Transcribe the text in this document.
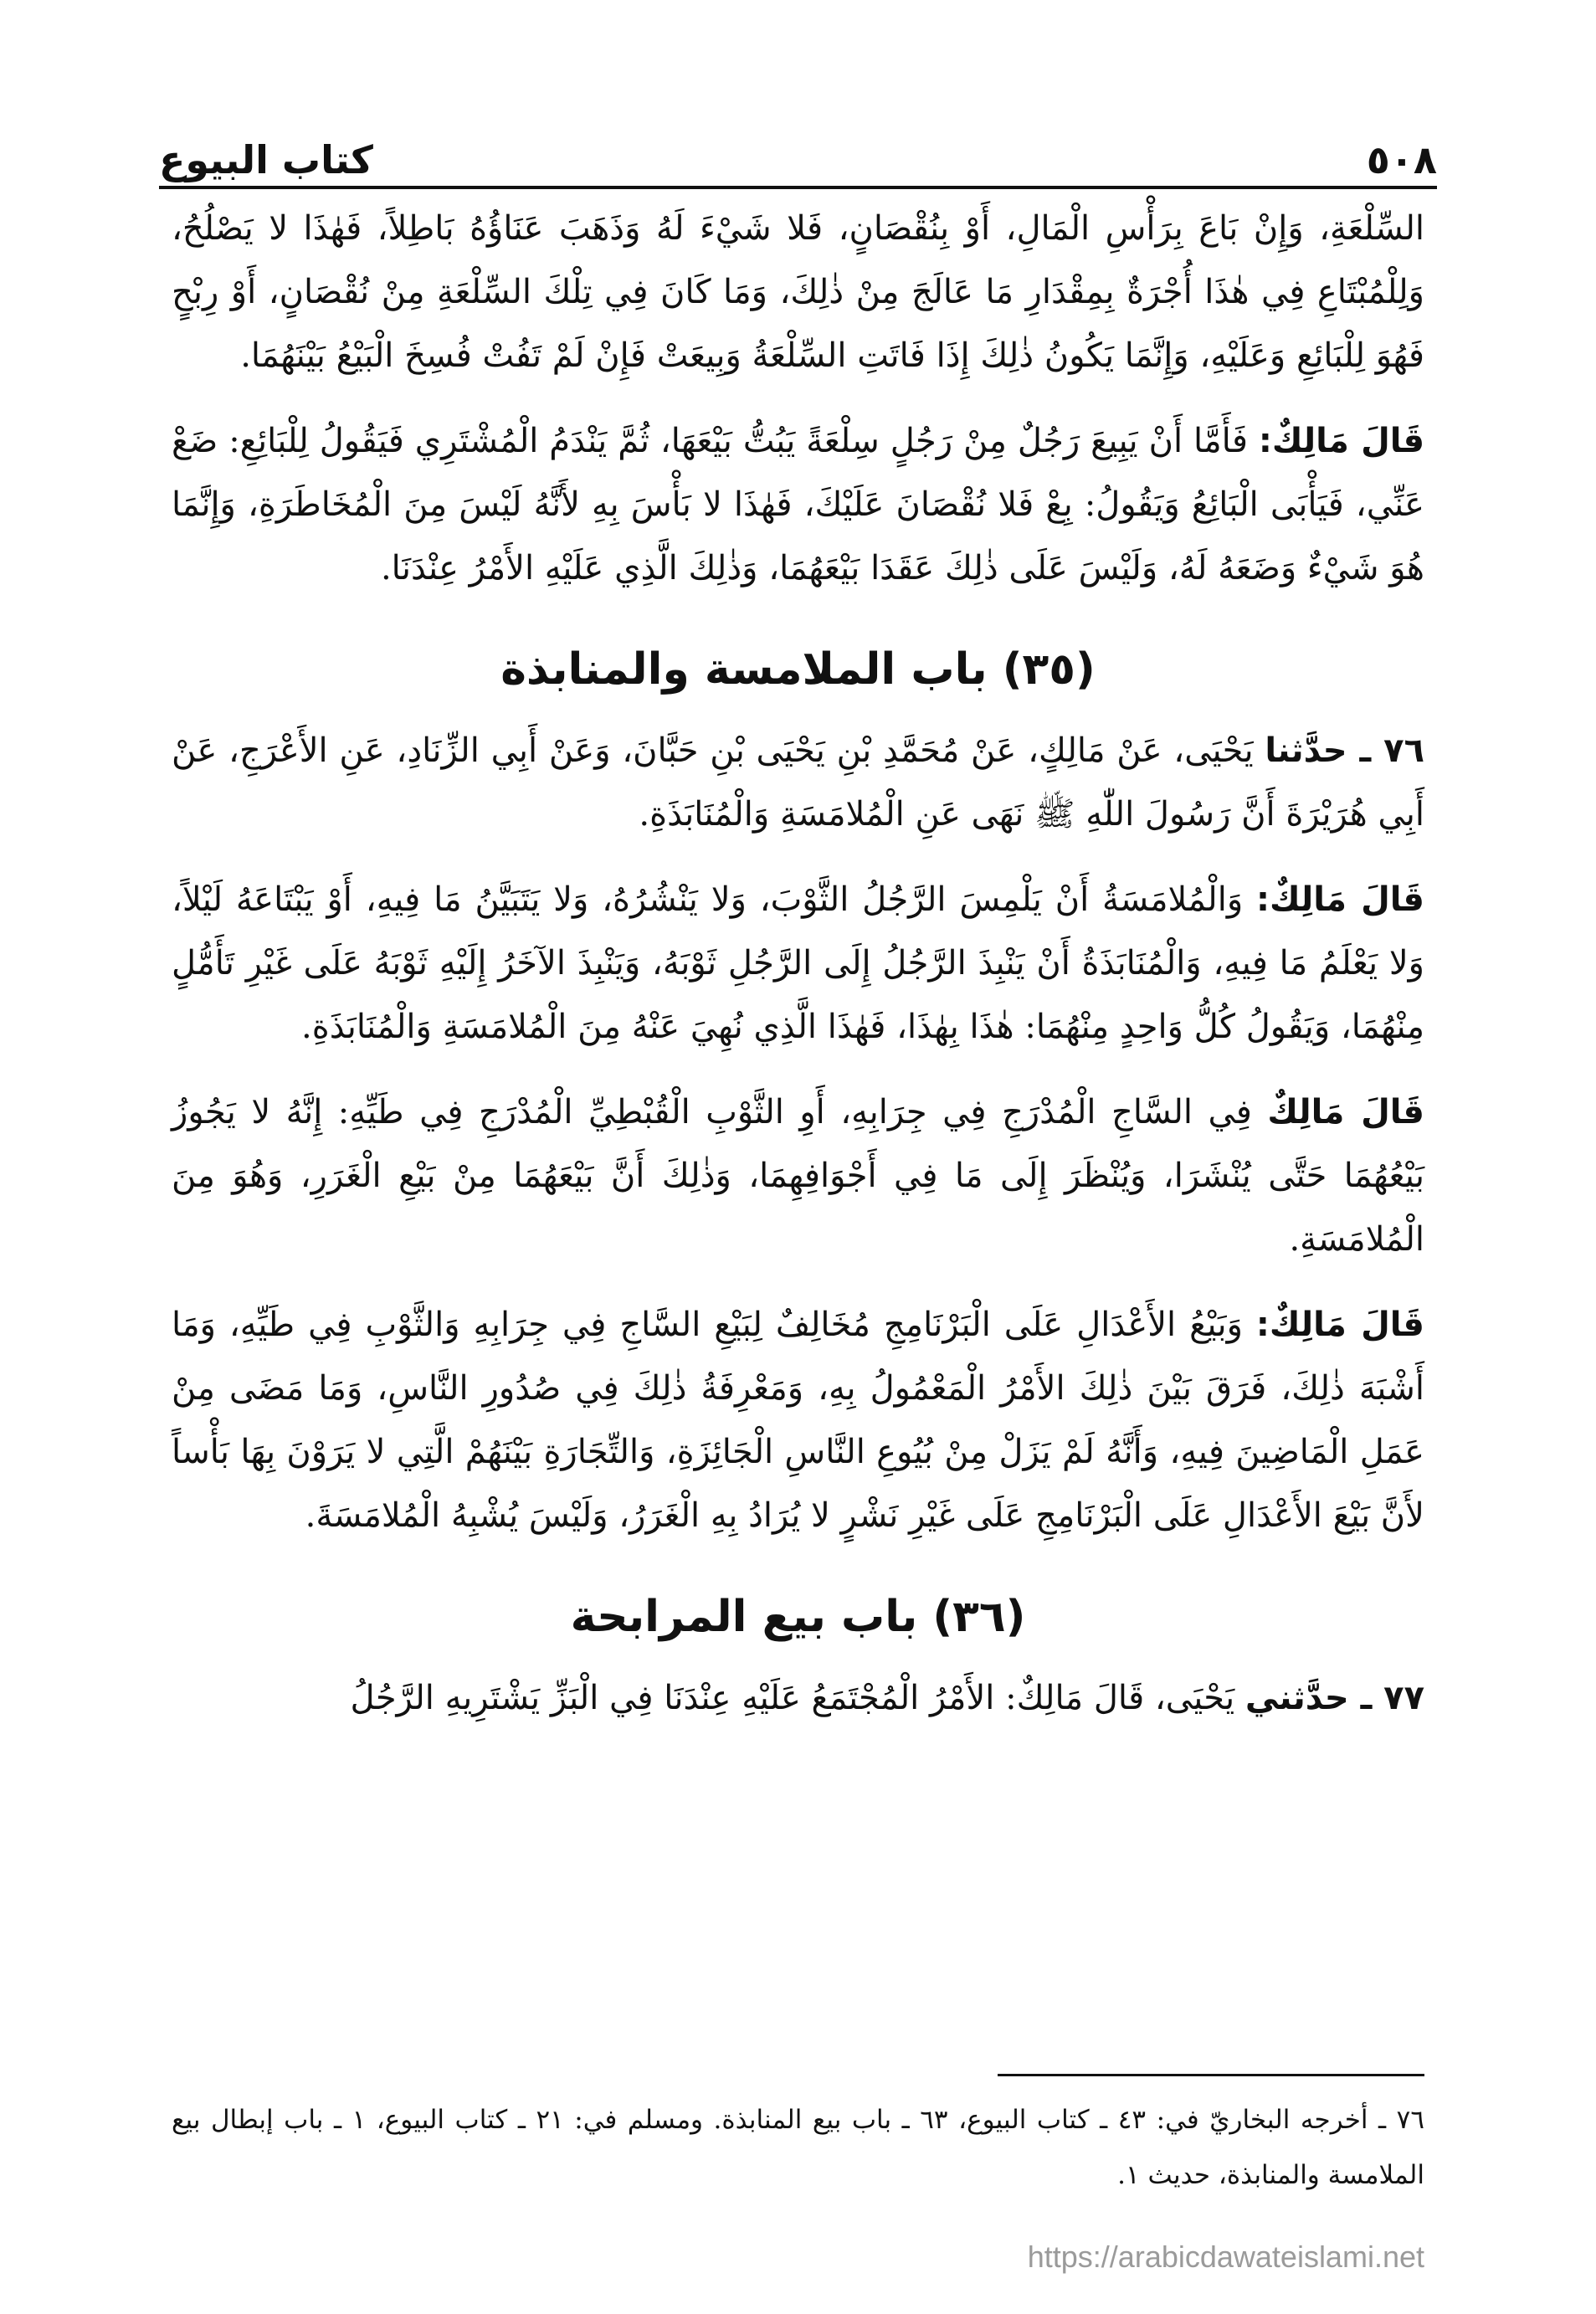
٥٠٨
كتاب البيوع

السِّلْعَةِ، وَإِنْ بَاعَ بِرَأْسِ الْمَالِ، أَوْ بِنُقْصَانٍ، فَلا شَيْءَ لَهُ وَذَهَبَ عَنَاؤُهُ بَاطِلاً، فَهٰذَا لا يَصْلُحُ، وَلِلْمُبْتَاعِ فِي هٰذَا أُجْرَةٌ بِمِقْدَارِ مَا عَالَجَ مِنْ ذٰلِكَ، وَمَا كَانَ فِي تِلْكَ السِّلْعَةِ مِنْ نُقْصَانٍ، أَوْ رِبْحٍ فَهُوَ لِلْبَائِعِ وَعَلَيْهِ، وَإِنَّمَا يَكُونُ ذٰلِكَ إِذَا فَاتَتِ السِّلْعَةُ وَبِيعَتْ فَإِنْ لَمْ تَفُتْ فُسِخَ الْبَيْعُ بَيْنَهُمَا.

قَالَ مَالِكٌ: فَأَمَّا أَنْ يَبِيعَ رَجُلٌ مِنْ رَجُلٍ سِلْعَةً يَبُتُّ بَيْعَهَا، ثُمَّ يَنْدَمُ الْمُشْتَرِي فَيَقُولُ لِلْبَائِعِ: ضَعْ عَنِّي، فَيَأْبَى الْبَائِعُ وَيَقُولُ: بِعْ فَلا نُقْصَانَ عَلَيْكَ، فَهٰذَا لا بَأْسَ بِهِ لأَنَّهُ لَيْسَ مِنَ الْمُخَاطَرَةِ، وَإِنَّمَا هُوَ شَيْءٌ وَضَعَهُ لَهُ، وَلَيْسَ عَلَى ذٰلِكَ عَقَدَا بَيْعَهُمَا، وَذٰلِكَ الَّذِي عَلَيْهِ الأَمْرُ عِنْدَنَا.

(٣٥) باب الملامسة والمنابذة

٧٦ ـ حدَّثنا يَحْيَى، عَنْ مَالِكٍ، عَنْ مُحَمَّدِ بْنِ يَحْيَى بْنِ حَبَّانَ، وَعَنْ أَبِي الزِّنَادِ، عَنِ الأَعْرَجِ، عَنْ أَبِي هُرَيْرَةَ أَنَّ رَسُولَ اللّٰهِ ﷺ نَهَى عَنِ الْمُلامَسَةِ وَالْمُنَابَذَةِ.

قَالَ مَالِكٌ: وَالْمُلامَسَةُ أَنْ يَلْمِسَ الرَّجُلُ الثَّوْبَ، وَلا يَنْشُرُهُ، وَلا يَتَبَيَّنُ مَا فِيهِ، أَوْ يَبْتَاعَهُ لَيْلاً، وَلا يَعْلَمُ مَا فِيهِ، وَالْمُنَابَذَةُ أَنْ يَنْبِذَ الرَّجُلُ إِلَى الرَّجُلِ ثَوْبَهُ، وَيَنْبِذَ الآخَرُ إِلَيْهِ ثَوْبَهُ عَلَى غَيْرِ تَأَمُّلٍ مِنْهُمَا، وَيَقُولُ كُلُّ وَاحِدٍ مِنْهُمَا: هٰذَا بِهٰذَا، فَهٰذَا الَّذِي نُهِيَ عَنْهُ مِنَ الْمُلامَسَةِ وَالْمُنَابَذَةِ.

قَالَ مَالِكٌ فِي السَّاجِ الْمُدْرَجِ فِي جِرَابِهِ، أَوِ الثَّوْبِ الْقُبْطِيِّ الْمُدْرَجِ فِي طَيِّهِ: إِنَّهُ لا يَجُوزُ بَيْعُهُمَا حَتَّى يُنْشَرَا، وَيُنْظَرَ إِلَى مَا فِي أَجْوَافِهِمَا، وَذٰلِكَ أَنَّ بَيْعَهُمَا مِنْ بَيْعِ الْغَرَرِ، وَهُوَ مِنَ الْمُلامَسَةِ.

قَالَ مَالِكٌ: وَبَيْعُ الأَعْدَالِ عَلَى الْبَرْنَامِجِ مُخَالِفٌ لِبَيْعِ السَّاجِ فِي جِرَابِهِ وَالثَّوْبِ فِي طَيِّهِ، وَمَا أَشْبَهَ ذٰلِكَ، فَرَقَ بَيْنَ ذٰلِكَ الأَمْرُ الْمَعْمُولُ بِهِ، وَمَعْرِفَةُ ذٰلِكَ فِي صُدُورِ النَّاسِ، وَمَا مَضَى مِنْ عَمَلِ الْمَاضِينَ فِيهِ، وَأَنَّهُ لَمْ يَزَلْ مِنْ بُيُوعِ النَّاسِ الْجَائِزَةِ، وَالتِّجَارَةِ بَيْنَهُمْ الَّتِي لا يَرَوْنَ بِهَا بَأْساً لأَنَّ بَيْعَ الأَعْدَالِ عَلَى الْبَرْنَامِجِ عَلَى غَيْرِ نَشْرٍ لا يُرَادُ بِهِ الْغَرَرُ، وَلَيْسَ يُشْبِهُ الْمُلامَسَةَ.

(٣٦) باب بيع المرابحة

٧٧ ـ حدَّثني يَحْيَى، قَالَ مَالِكٌ: الأَمْرُ الْمُجْتَمَعُ عَلَيْهِ عِنْدَنَا فِي الْبَزِّ يَشْتَرِيهِ الرَّجُلُ

٧٦ ـ أخرجه البخاريّ في: ٤٣ ـ كتاب البيوع، ٦٣ ـ باب بيع المنابذة. ومسلم في: ٢١ ـ كتاب البيوع، ١ ـ باب إبطال بيع الملامسة والمنابذة، حديث ١.
https://arabicdawateislami.net
